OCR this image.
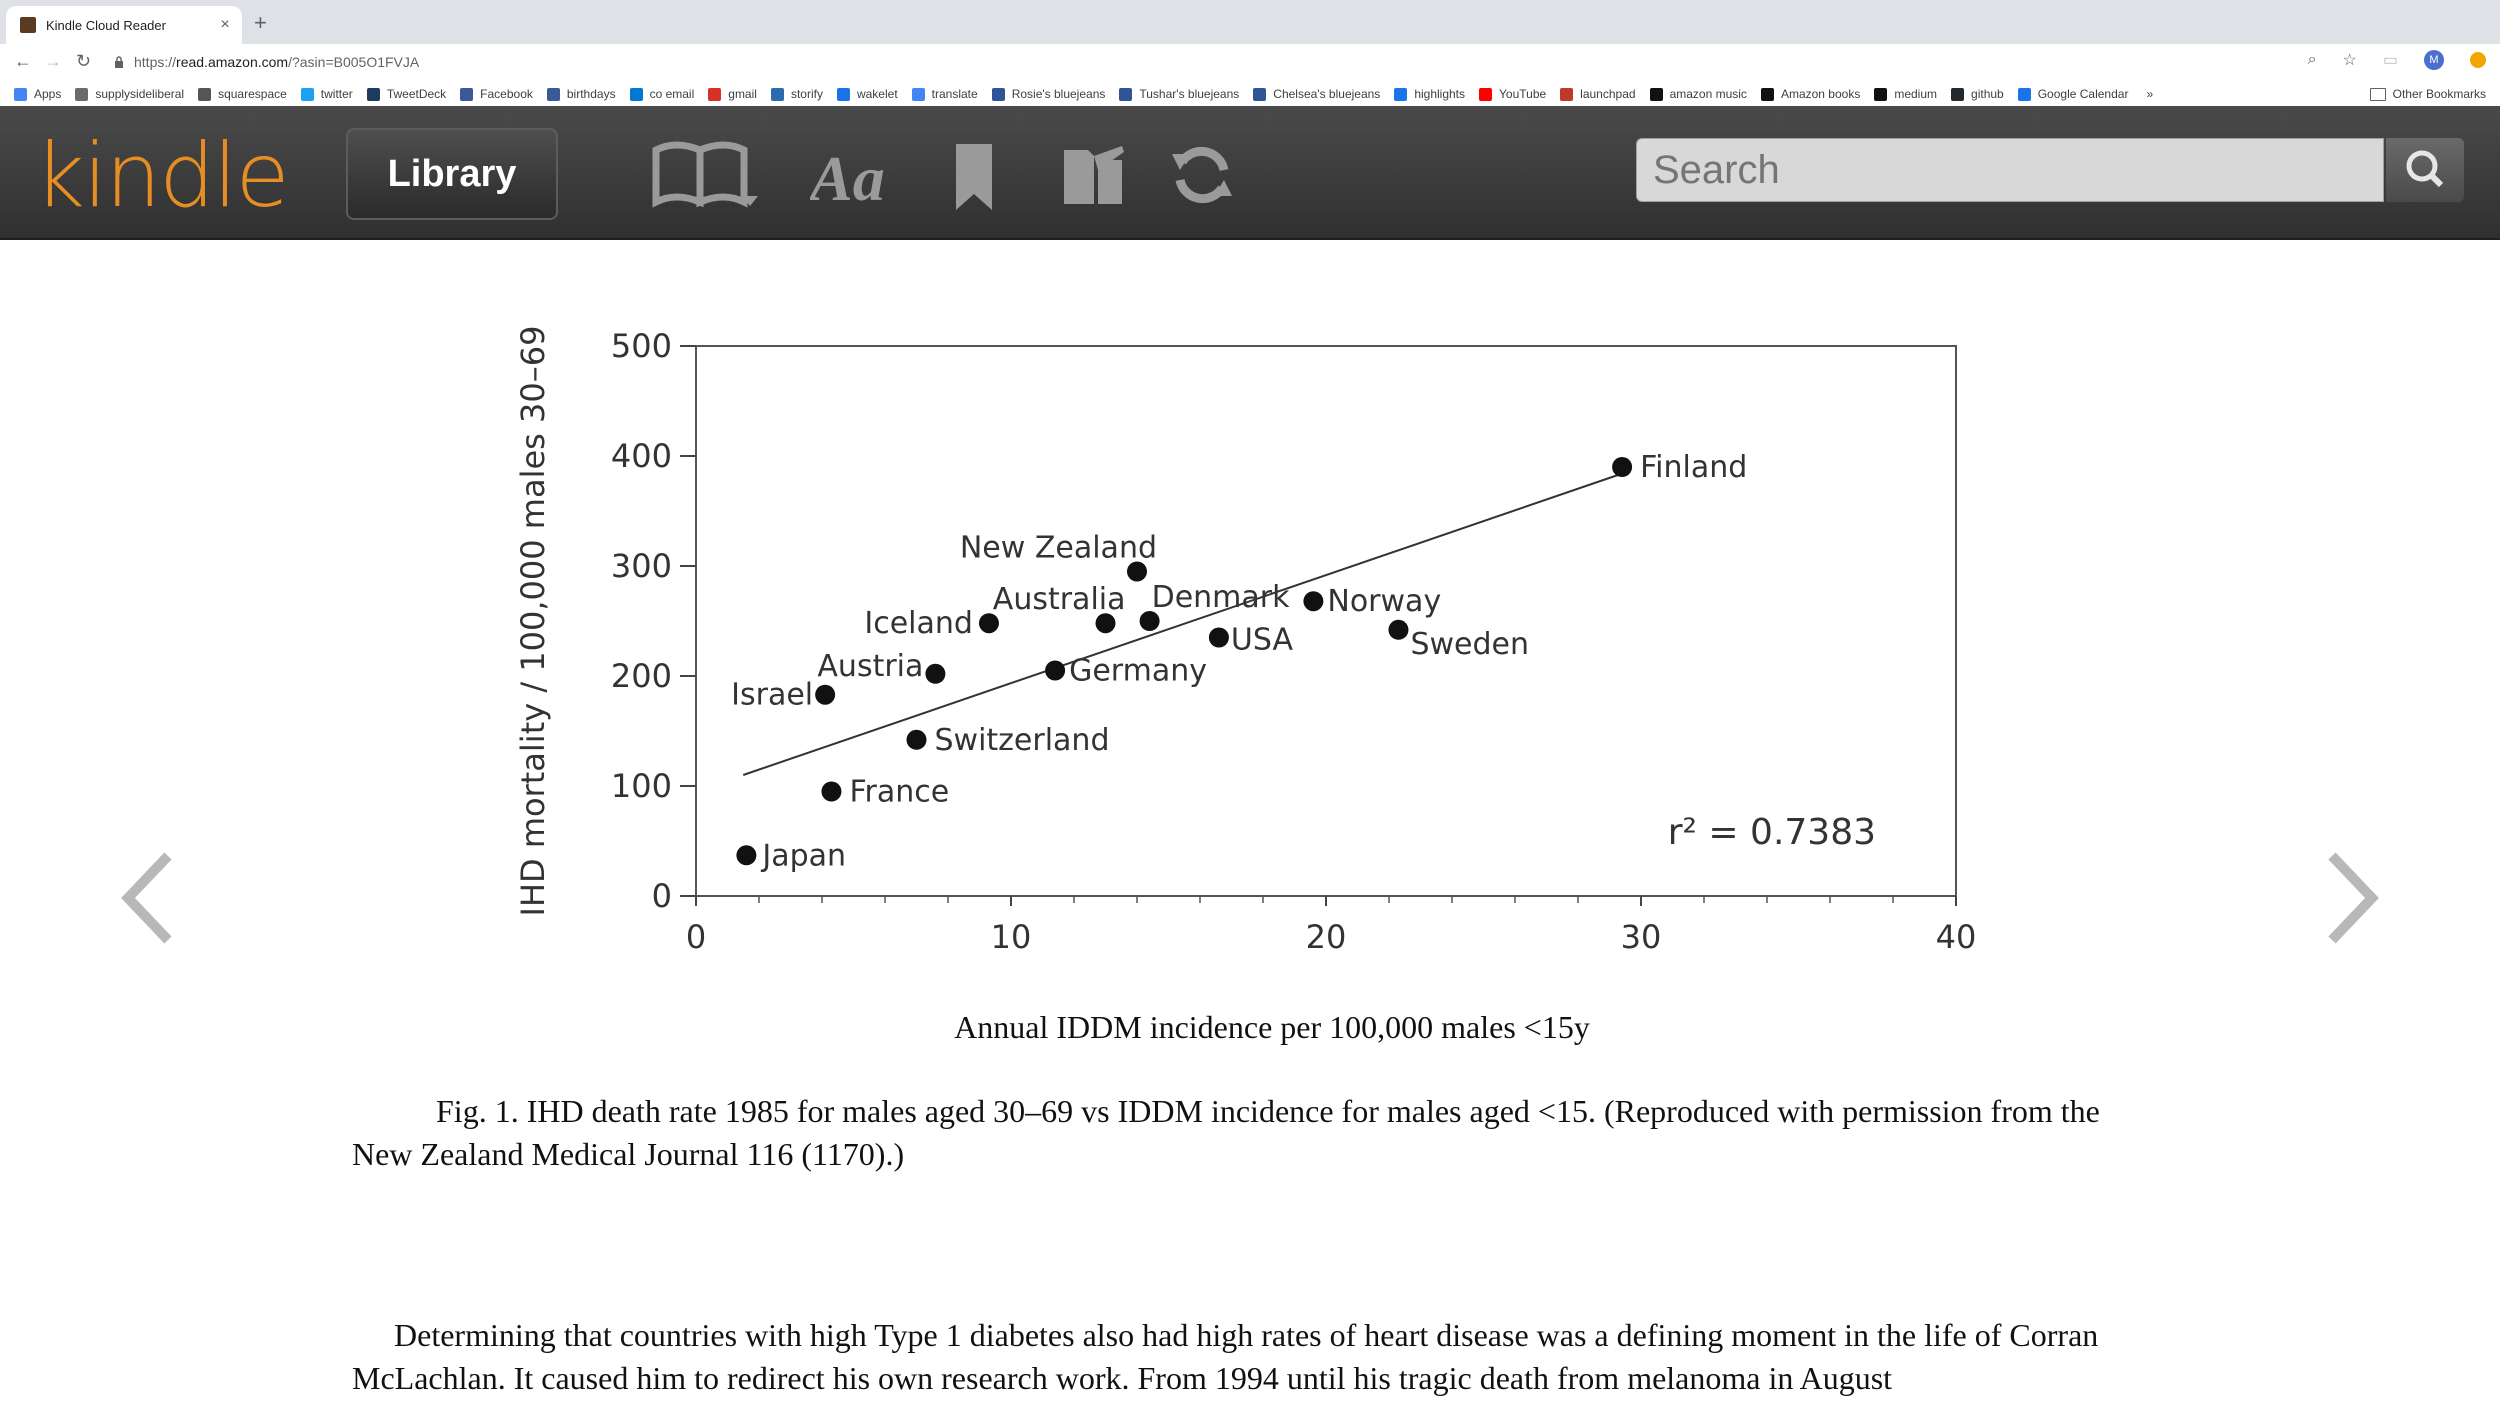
Kindle Cloud Reader	× +
← → ↻	https:// read.amazon.com /?asin=B005O1FVJA	⌕ ☆ ▭	M
Apps	supplysideliberal	squarespace	twitter	TweetDeck	Facebook	birthdays	co email	gmail	storify	wakelet	translate	Rosie's bluejeans	Tushar's bluejeans	Chelsea's bluejeans	highlights	YouTube	launchpad	amazon music	Amazon books	medium	github	Google Calendar »	Other Bookmarks
kindle	Library	Aa
Search
0	10	20	30	40
0
100
200
300
400
500
IHD mortality / 100,000 males 30–69	Finland
New Zealand
Australia Denmark Norway
Iceland	USA	Sweden
Austria	Germany
Israel
Switzerland
France
Japan
r² = 0.7383
Annual IDDM incidence per 100,000 males <15y
Fig. 1. IHD death rate 1985 for males aged 30–69 vs IDDM incidence for males aged <15. (Reproduced with permission from the New Zealand Medical Journal 116 (1170).)
Determining that countries with high Type 1 diabetes also had high rates of heart disease was a defining moment in the life of Corran McLachlan. It caused him to redirect his own research work. From 1994 until his tragic death from melanoma in August
